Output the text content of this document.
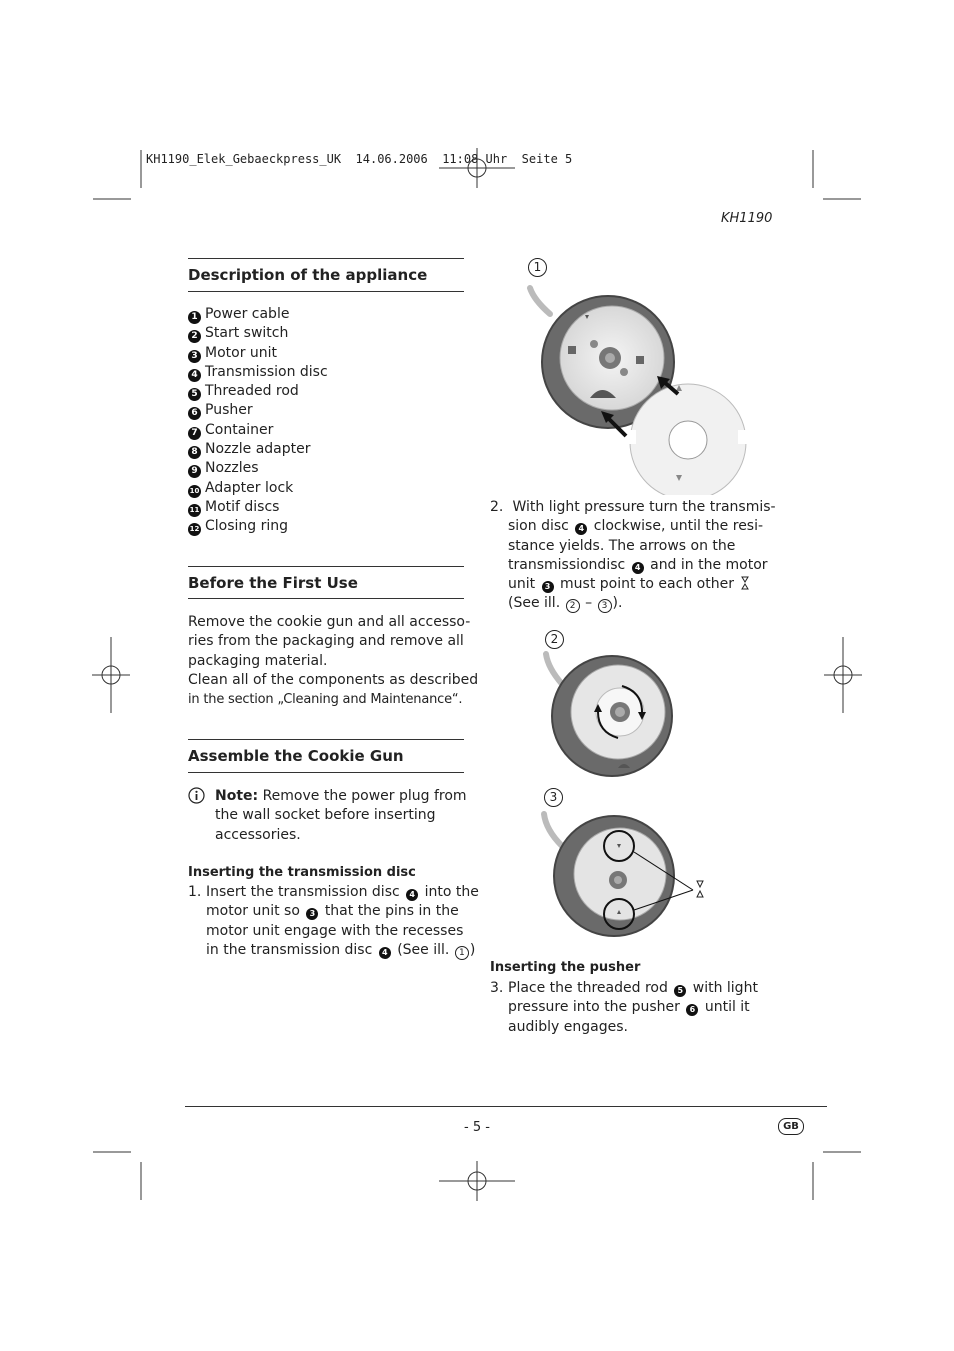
KH1190_Elek_Gebaeckpress_UK  14.06.2006  11:08 Uhr  Seite 5
KH1190
Description of the appliance
1 Power cable
2 Start switch
3 Motor unit
4 Transmission disc
5 Threaded rod
6 Pusher
7 Container
8 Nozzle adapter
9 Nozzles
10 Adapter lock
11 Motif discs
12 Closing ring
Before the First Use
Remove the cookie gun and all accesso-
ries from the packaging and remove all
packaging material.
Clean all of the components as described
in the section „Cleaning and Maintenance“.
Assemble the Cookie Gun
Note: Remove the power plug from
the wall socket before inserting
accessories.
Inserting the transmission disc
1. Insert the transmission disc 4 into the
motor unit so 3 that the pins in the
motor unit engage with the recesses
in the transmission disc 4 (See ill. 1 )
1
2. With light pressure turn the transmis-
sion disc 4 clockwise, until the resi-
stance yields. The arrows on the
transmissiondisc 4 and in the motor
unit 3 must point to each other
(See ill. 2 – 3 ).
2
3
Inserting the pusher
3. Place the threaded rod 5 with light
pressure into the pusher 6 until it
audibly engages.
- 5 -	GB
